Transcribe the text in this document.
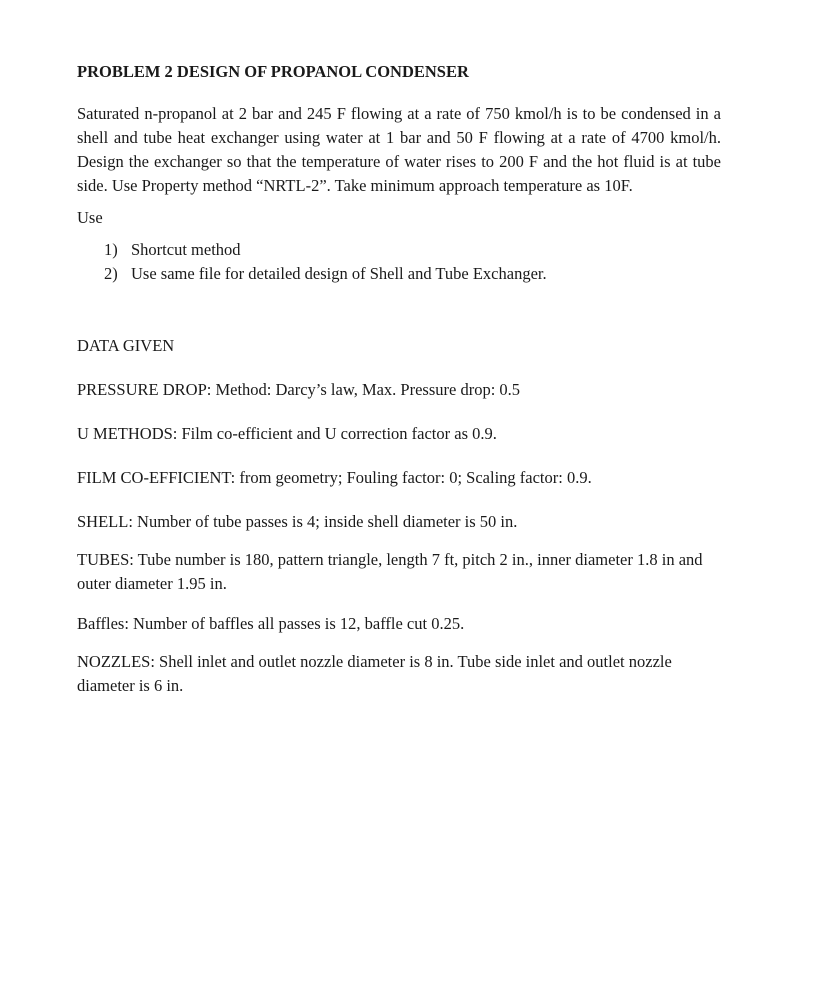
PROBLEM 2 DESIGN OF PROPANOL CONDENSER

Saturated n-propanol at 2 bar and 245 F flowing at a rate of 750 kmol/h is to be condensed in a shell and tube heat exchanger using water at 1 bar and 50 F flowing at a rate of 4700 kmol/h. Design the exchanger so that the temperature of water rises to 200 F and the hot fluid is at tube side. Use Property method “NRTL-2”. Take minimum approach temperature as 10F.

Use

1) Shortcut method
2) Use same file for detailed design of Shell and Tube Exchanger.

DATA GIVEN

PRESSURE DROP: Method: Darcy’s law, Max. Pressure drop: 0.5

U METHODS: Film co-efficient and U correction factor as 0.9.

FILM CO-EFFICIENT: from geometry; Fouling factor: 0; Scaling factor: 0.9.

SHELL: Number of tube passes is 4; inside shell diameter is 50 in.

TUBES: Tube number is 180, pattern triangle, length 7 ft, pitch 2 in., inner diameter 1.8 in and outer diameter 1.95 in.

Baffles: Number of baffles all passes is 12, baffle cut 0.25.

NOZZLES: Shell inlet and outlet nozzle diameter is 8 in. Tube side inlet and outlet nozzle diameter is 6 in.
